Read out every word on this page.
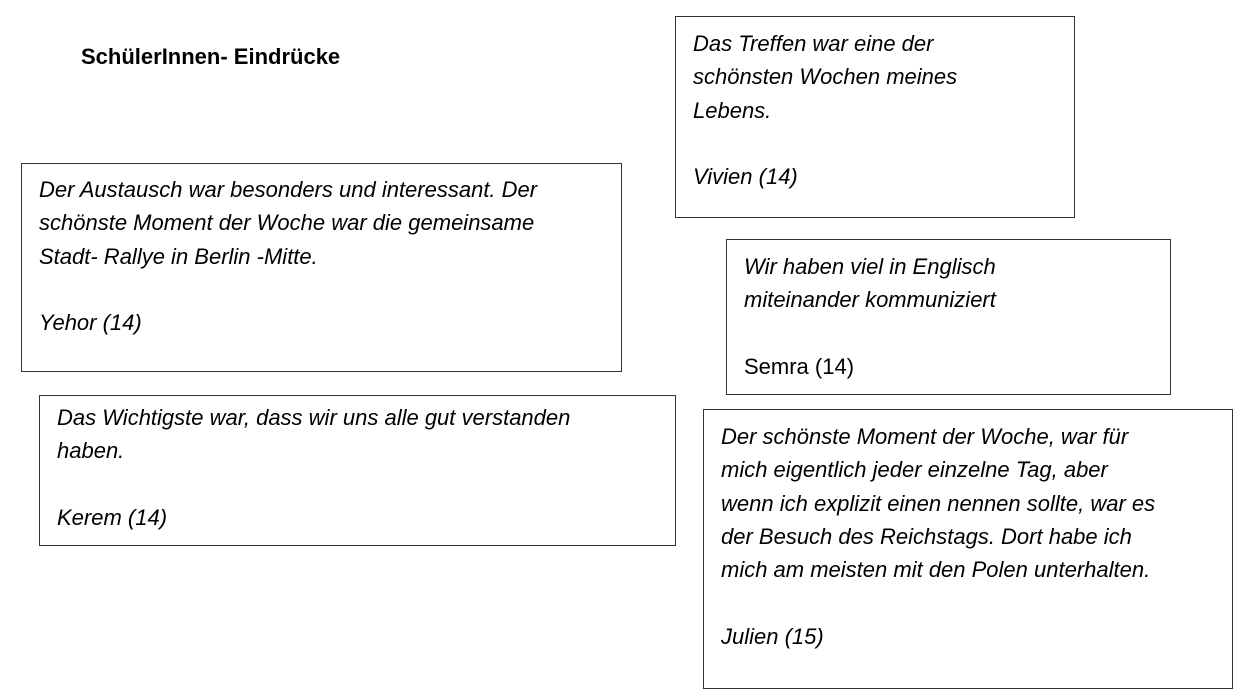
SchülerInnen- Eindrücke
Der Austausch war besonders und interessant. Der
schönste Moment der Woche war die gemeinsame
Stadt- Rallye in Berlin -Mitte.
Yehor (14)
Das Wichtigste war, dass wir uns alle gut verstanden
haben.
Kerem (14)
Das Treffen war eine der
schönsten Wochen meines
Lebens.
Vivien (14)
Wir haben viel in Englisch
miteinander kommuniziert
Semra (14)
Der schönste Moment der Woche, war für
mich eigentlich jeder einzelne Tag, aber
wenn ich explizit einen nennen sollte, war es
der Besuch des Reichstags. Dort habe ich
mich am meisten mit den Polen unterhalten.
Julien (15)
